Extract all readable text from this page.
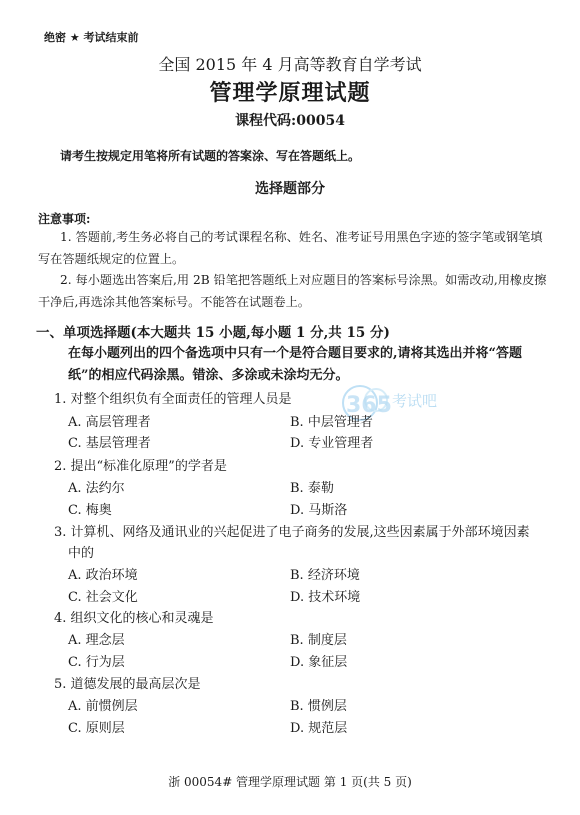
绝密 ★ 考试结束前
全国 2015 年 4 月高等教育自学考试
管理学原理试题
课程代码:00054
请考生按规定用笔将所有试题的答案涂、写在答题纸上。
选择题部分
注意事项:
1. 答题前,考生务必将自己的考试课程名称、姓名、准考证号用黑色字迹的签字笔或钢笔填写在答题纸规定的位置上。
2. 每小题选出答案后,用 2B 铅笔把答题纸上对应题目的答案标号涂黑。如需改动,用橡皮擦干净后,再选涂其他答案标号。不能答在试题卷上。
一、单项选择题(本大题共 15 小题,每小题 1 分,共 15 分)
在每小题列出的四个备选项中只有一个是符合题目要求的,请将其选出并将“答题纸”的相应代码涂黑。错涂、多涂或未涂均无分。
365 考试吧
1. 对整个组织负有全面责任的管理人员是
A. 高层管理者	B. 中层管理者
C. 基层管理者	D. 专业管理者
2. 提出“标准化原理”的学者是
A. 法约尔	B. 泰勒
C. 梅奥	D. 马斯洛
3. 计算机、网络及通讯业的兴起促进了电子商务的发展,这些因素属于外部环境因素
中的
A. 政治环境	B. 经济环境
C. 社会文化	D. 技术环境
4. 组织文化的核心和灵魂是
A. 理念层	B. 制度层
C. 行为层	D. 象征层
5. 道德发展的最高层次是
A. 前惯例层	B. 惯例层
C. 原则层	D. 规范层
浙 00054# 管理学原理试题 第 1 页(共 5 页)
